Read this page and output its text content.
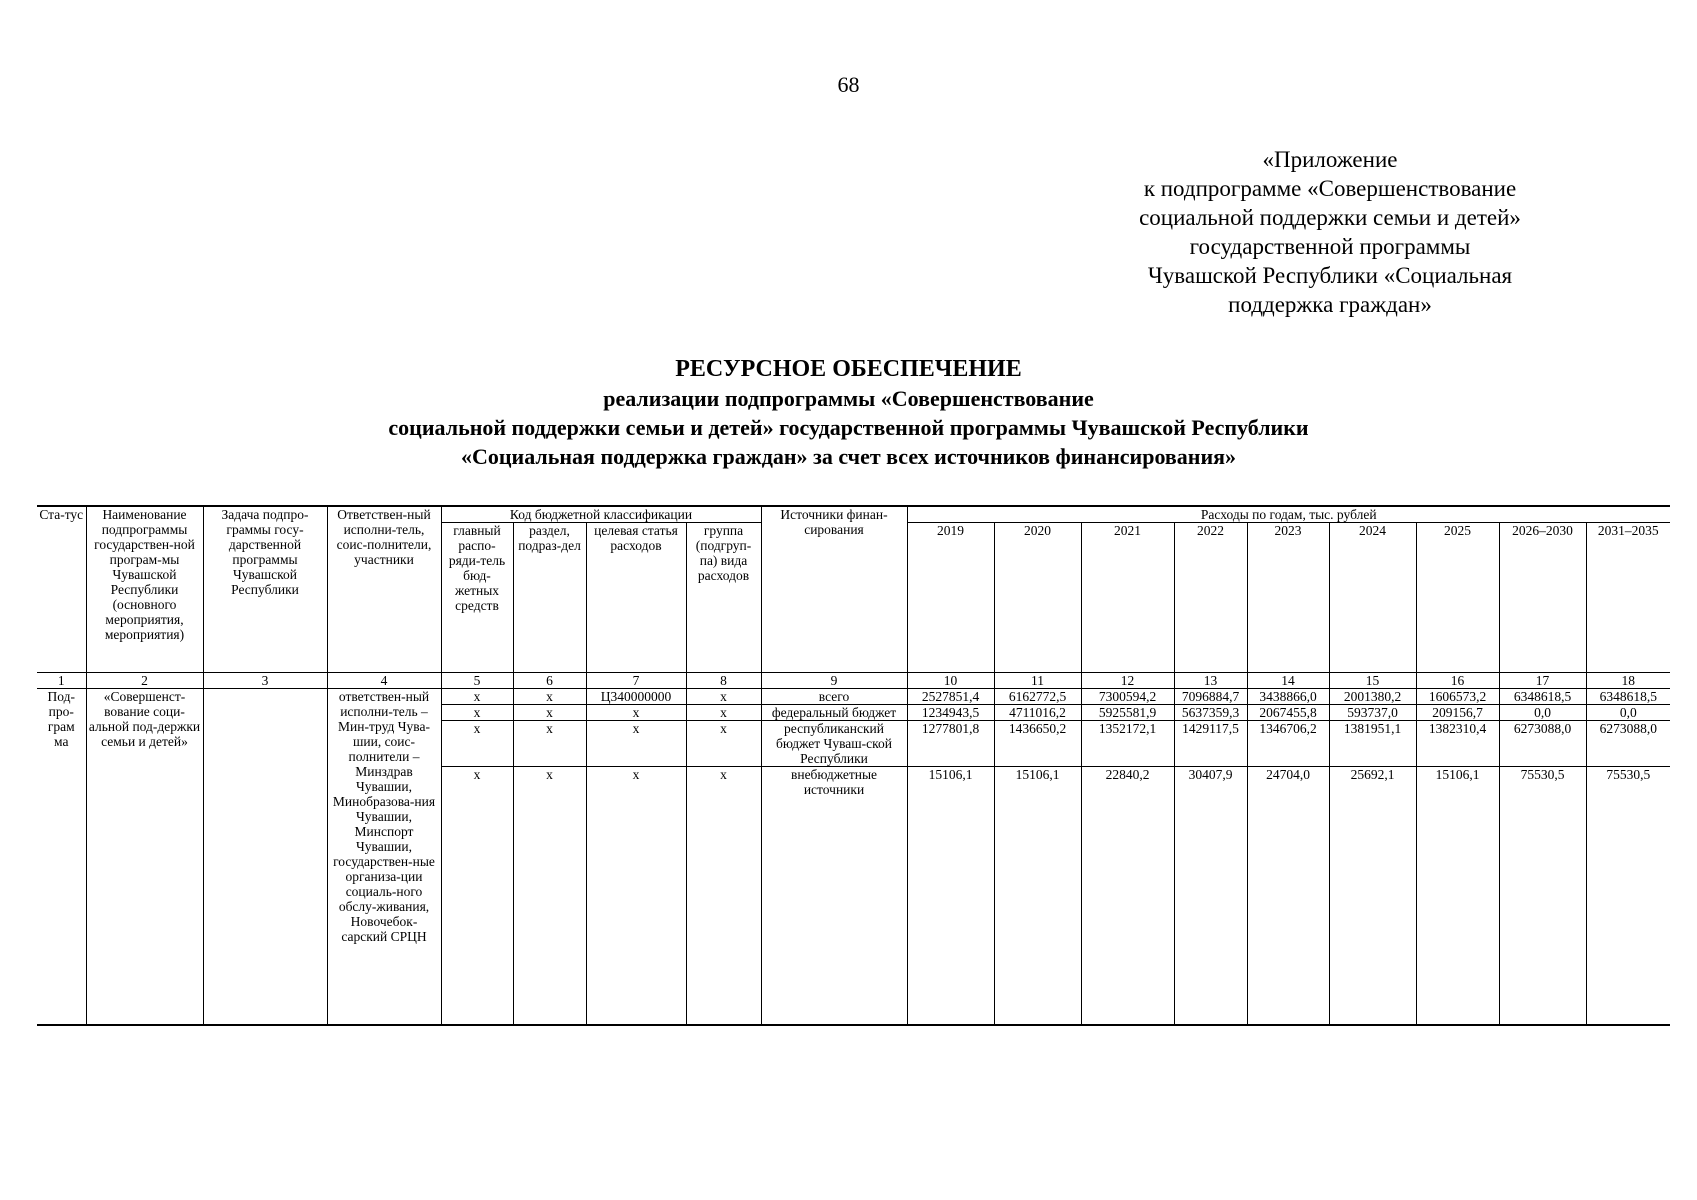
68
«Приложение
к подпрограмме «Совершенствование
социальной поддержки семьи и детей»
государственной программы
Чувашской Республики «Социальная
поддержка граждан»
РЕСУРСНОЕ ОБЕСПЕЧЕНИЕ
реализации подпрограммы «Совершенствование
социальной поддержки семьи и детей» государственной программы Чувашской Республики
«Социальная поддержка граждан» за счет всех источников финансирования»
Ста-тус	Наименование подпрограммы государствен-ной програм-мы Чувашской Республики (основного мероприятия, мероприятия)	Задача подпро-граммы госу-дарственной программы Чувашской Республики	Ответствен-ный исполни-тель, соис-полнители, участники	Код бюджетной классификации				Источники финан-сирования	Расходы по годам, тыс. рублей								
				главный распо-ряди-тель бюд-жетных средств	раздел, подраз-дел	целевая статья расходов	группа (подгруп-па) вида расходов		2019	2020	2021	2022	2023	2024	2025	2026–2030	2031–2035
1	2	3	4	5	6	7	8	9	10	11	12	13	14	15	16	17	18
Под-про-грам ма	«Совершенст-вование соци-альной под-держки семьи и детей»		ответствен-ный исполни-тель – Мин-труд Чува-шии, соис-полнители – Минздрав Чувашии, Минобразова-ния Чувашии, Минспорт Чувашии, государствен-ные организа-ции социаль-ного обслу-живания, Новочебок-сарский СРЦН	х	х	Ц340000000	х	всего	2527851,4	6162772,5	7300594,2	7096884,7	3438866,0	2001380,2	1606573,2	6348618,5	6348618,5
				х	х	х	х	федеральный бюджет	1234943,5	4711016,2	5925581,9	5637359,3	2067455,8	593737,0	209156,7	0,0	0,0
				х	х	х	х	республиканский бюджет Чуваш-ской Республики	1277801,8	1436650,2	1352172,1	1429117,5	1346706,2	1381951,1	1382310,4	6273088,0	6273088,0
				х	х	х	х	внебюджетные источники	15106,1	15106,1	22840,2	30407,9	24704,0	25692,1	15106,1	75530,5	75530,5
